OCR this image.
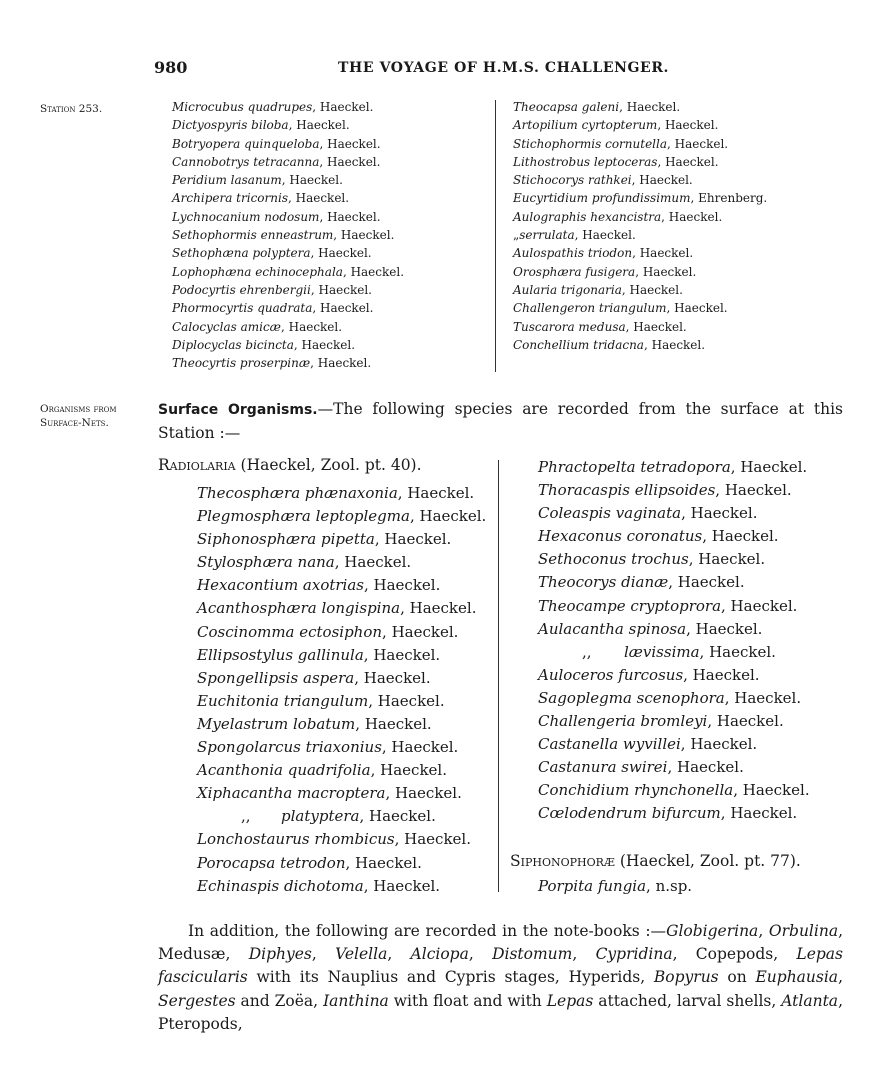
980	THE VOYAGE OF H.M.S. CHALLENGER.
Station 253.	Microcubus quadrupes, Haeckel.
Dictyospyris biloba, Haeckel.
Botryopera quinqueloba, Haeckel.
Cannobotrys tetracanna, Haeckel.
Peridium lasanum, Haeckel.
Archipera tricornis, Haeckel.
Lychnocanium nodosum, Haeckel.
Sethophormis enneastrum, Haeckel.
Sethophæna polyptera, Haeckel.
Lophophæna echinocephala, Haeckel.
Podocyrtis ehrenbergii, Haeckel.
Phormocyrtis quadrata, Haeckel.
Calocyclas amicæ, Haeckel.
Diplocyclas bicincta, Haeckel.
Theocyrtis proserpinæ, Haeckel.
Theocapsa galeni, Haeckel.
Artopilium cyrtopterum, Haeckel.
Stichophormis cornutella, Haeckel.
Lithostrobus leptoceras, Haeckel.
Stichocorys rathkei, Haeckel.
Eucyrtidium profundissimum, Ehrenberg.
Aulographis hexancistra, Haeckel.
„serrulata, Haeckel.
Aulospathis triodon, Haeckel.
Orosphæra fusigera, Haeckel.
Aularia trigonaria, Haeckel.
Challengeron triangulum, Haeckel.
Tuscarora medusa, Haeckel.
Conchellium tridacna, Haeckel.
Organisms from
Surface-Nets.
Surface Organisms.—The following species are recorded from the surface at this Station :—
Radiolaria (Haeckel, Zool. pt. 40).
Thecosphæra phænaxonia, Haeckel.
Plegmosphæra leptoplegma, Haeckel.
Siphonosphæra pipetta, Haeckel.
Stylosphæra nana, Haeckel.
Hexacontium axotrias, Haeckel.
Acanthosphæra longispina, Haeckel.
Coscinomma ectosiphon, Haeckel.
Ellipsostylus gallinula, Haeckel.
Spongellipsis aspera, Haeckel.
Euchitonia triangulum, Haeckel.
Myelastrum lobatum, Haeckel.
Spongolarcus triaxonius, Haeckel.
Acanthonia quadrifolia, Haeckel.
Xiphacantha macroptera, Haeckel.
,, platyptera, Haeckel.
Lonchostaurus rhombicus, Haeckel.
Porocapsa tetrodon, Haeckel.
Echinaspis dichotoma, Haeckel.
Phractopelta tetradopora, Haeckel.
Thoracaspis ellipsoides, Haeckel.
Coleaspis vaginata, Haeckel.
Hexaconus coronatus, Haeckel.
Sethoconus trochus, Haeckel.
Theocorys dianæ, Haeckel.
Theocampe cryptoprora, Haeckel.
Aulacantha spinosa, Haeckel.
,, lævissima, Haeckel.
Auloceros furcosus, Haeckel.
Sagoplegma scenophora, Haeckel.
Challengeria bromleyi, Haeckel.
Castanella wyvillei, Haeckel.
Castanura swirei, Haeckel.
Conchidium rhynchonella, Haeckel.
Cœlodendrum bifurcum, Haeckel.
Siphonophoræ (Haeckel, Zool. pt. 77).
Porpita fungia, n.sp.
In addition, the following are recorded in the note-books :—Globigerina, Orbulina, Medusæ, Diphyes, Velella, Alciopa, Distomum, Cypridina, Copepods, Lepas fascicularis with its Nauplius and Cypris stages, Hyperids, Bopyrus on Euphausia, Sergestes and Zoëa, Ianthina with float and with Lepas attached, larval shells, Atlanta, Pteropods,
